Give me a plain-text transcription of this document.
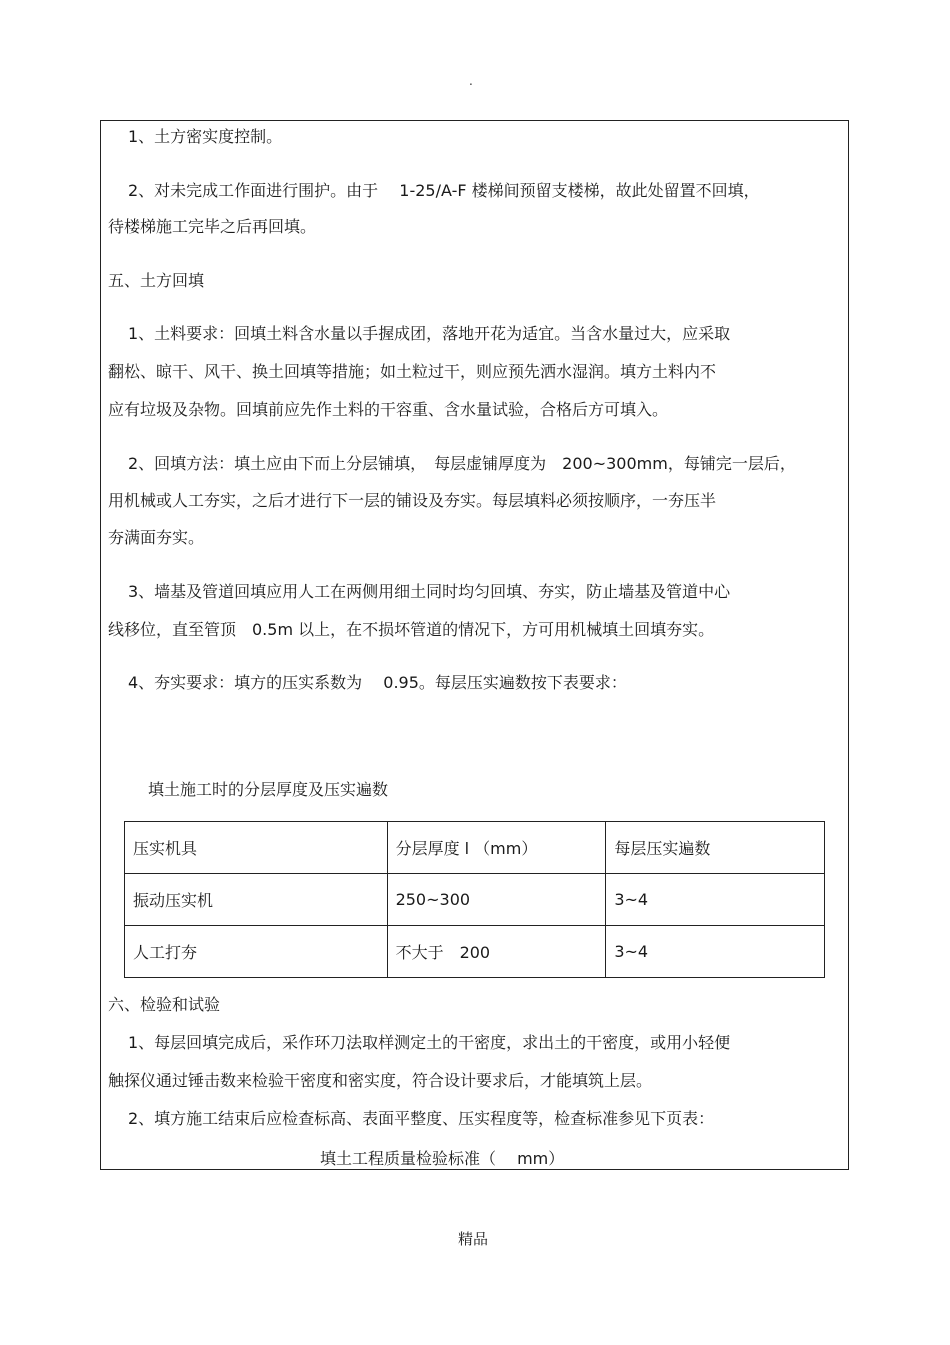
.
1、土方密实度控制。
2、对未完成工作面进行围护。由于　 1-25/A-F 楼梯间预留支楼梯，故此处留置不回填，
待楼梯施工完毕之后再回填。
五、土方回填
1、土料要求：回填土料含水量以手握成团，落地开花为适宜。当含水量过大，应采取
翻松、晾干、风干、换土回填等措施；如土粒过干，则应预先洒水湿润。填方土料内不
应有垃圾及杂物。回填前应先作土料的干容重、含水量试验，合格后方可填入。
2、回填方法：填土应由下而上分层铺填，　每层虚铺厚度为　200~300mm，每铺完一层后，
用机械或人工夯实，之后才进行下一层的铺设及夯实。每层填料必须按顺序，一夯压半
夯满面夯实。
3、墙基及管道回填应用人工在两侧用细土同时均匀回填、夯实，防止墙基及管道中心
线移位，直至管顶　0.5m 以上，在不损坏管道的情况下，方可用机械填土回填夯实。
4、夯实要求：填方的压实系数为　 0.95。每层压实遍数按下表要求：
填土施工时的分层厚度及压实遍数
压实机具	分层厚度 l （mm）	每层压实遍数
振动压实机	250~300	3~4
人工打夯	不大于　200	3~4
六、检验和试验
1、每层回填完成后，采作环刀法取样测定土的干密度，求出土的干密度，或用小轻便
触探仪通过锤击数来检验干密度和密实度，符合设计要求后，才能填筑上层。
2、填方施工结束后应检查标高、表面平整度、压实程度等，检查标准参见下页表：
填土工程质量检验标准（　 mm）
精品
